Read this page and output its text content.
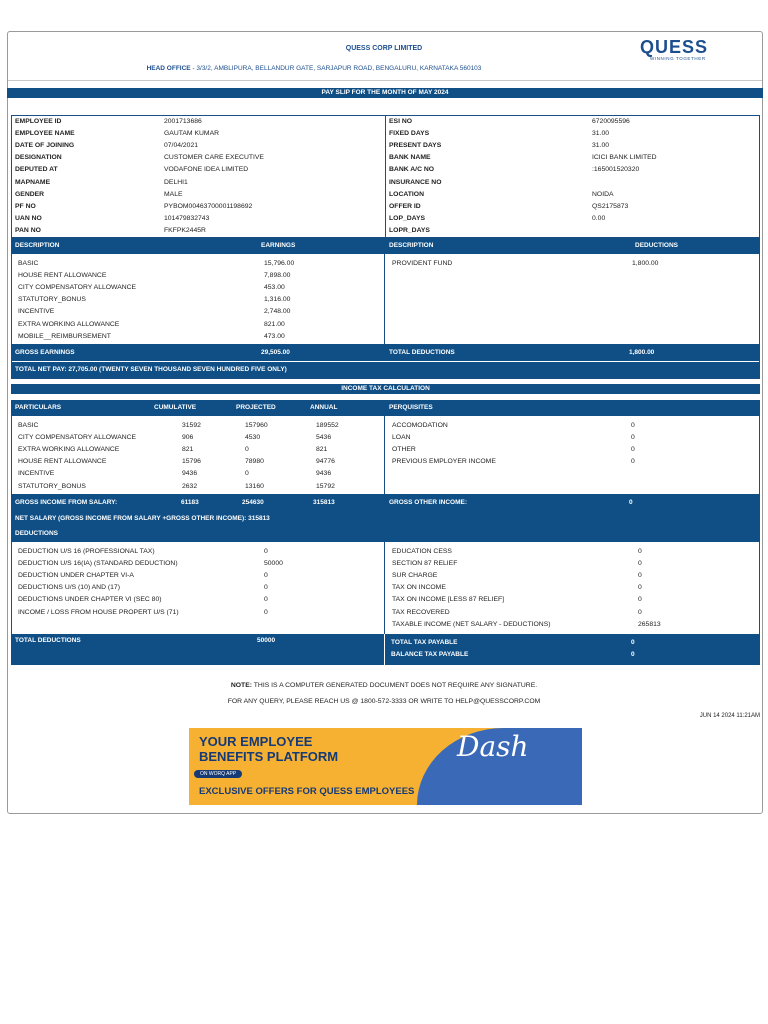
QUESS CORP LIMITED
HEAD OFFICE - 3/3/2, AMBLIPURA, BELLANDUR GATE, SARJAPUR ROAD, BENGALURU, KARNATAKA 560103
QUESS
WINNING TOGETHER
PAY SLIP FOR THE MONTH OF MAY 2024
EMPLOYEE ID	2001713686
EMPLOYEE NAME	GAUTAM KUMAR
DATE OF JOINING	07/04/2021
DESIGNATION	CUSTOMER CARE EXECUTIVE
DEPUTED AT	VODAFONE IDEA LIMITED
MAPNAME	DELHI1
GENDER	MALE
PF NO	PYBOM00463700001198692
UAN NO	101479832743
PAN NO	FKFPK2445R
ESI NO	6720095596
FIXED DAYS	31.00
PRESENT DAYS	31.00
BANK NAME	ICICI BANK LIMITED
BANK A/C NO	:165001520320
INSURANCE NO
LOCATION	NOIDA
OFFER ID	QS2175873
LOP_DAYS	0.00
LOPR_DAYS
DESCRIPTION	EARNINGS	DESCRIPTION	DEDUCTIONS
BASIC	15,796.00
HOUSE RENT ALLOWANCE	7,898.00
CITY COMPENSATORY ALLOWANCE	453.00
STATUTORY_BONUS	1,316.00
INCENTIVE	2,748.00
EXTRA WORKING ALLOWANCE	821.00
MOBILE__REIMBURSEMENT	473.00
PROVIDENT FUND	1,800.00
GROSS EARNINGS	29,505.00	TOTAL DEDUCTIONS	1,800.00
TOTAL NET PAY: 27,705.00 (TWENTY SEVEN THOUSAND SEVEN HUNDRED FIVE ONLY)
INCOME TAX CALCULATION
PARTICULARS	CUMULATIVE	PROJECTED	ANNUAL	PERQUISITES
BASIC	31592	157960	189552
CITY COMPENSATORY ALLOWANCE	906	4530	5436
EXTRA WORKING ALLOWANCE	821	0	821
HOUSE RENT ALLOWANCE	15796	78980	94776
INCENTIVE	9436	0	9436
STATUTORY_BONUS	2632	13160	15792
ACCOMODATION	0
LOAN	0
OTHER	0
PREVIOUS EMPLOYER INCOME	0
GROSS INCOME FROM SALARY:	61183	254630	315813	GROSS OTHER INCOME:	0
NET SALARY (GROSS INCOME FROM SALARY +GROSS OTHER INCOME): 315813
DEDUCTIONS
DEDUCTION U/S 16 (PROFESSIONAL TAX)	0
DEDUCTION U/S 16(IA) (STANDARD DEDUCTION)	50000
DEDUCTION UNDER CHAPTER VI-A	0
DEDUCTIONS U/S (10) AND (17)	0
DEDUCTIONS UNDER CHAPTER VI (SEC 80)	0
INCOME / LOSS FROM HOUSE PROPERT U/S (71)	0
EDUCATION CESS	0
SECTION 87 RELIEF	0
SUR CHARGE	0
TAX ON INCOME	0
TAX ON INCOME [LESS 87 RELIEF]	0
TAX RECOVERED	0
TAXABLE INCOME (NET SALARY - DEDUCTIONS)	265813
TOTAL DEDUCTIONS	50000	TOTAL TAX PAYABLE	0
BALANCE TAX PAYABLE	0
NOTE: THIS IS A COMPUTER GENERATED DOCUMENT DOES NOT REQUIRE ANY SIGNATURE.
FOR ANY QUERY, PLEASE REACH US @ 1800-572-3333 OR WRITE TO HELP@QUESSCORP.COM
JUN 14 2024 11:21AM
Dash
YOUR EMPLOYEE
BENEFITS PLATFORM
ON WORQ APP
EXCLUSIVE OFFERS FOR QUESS EMPLOYEES
